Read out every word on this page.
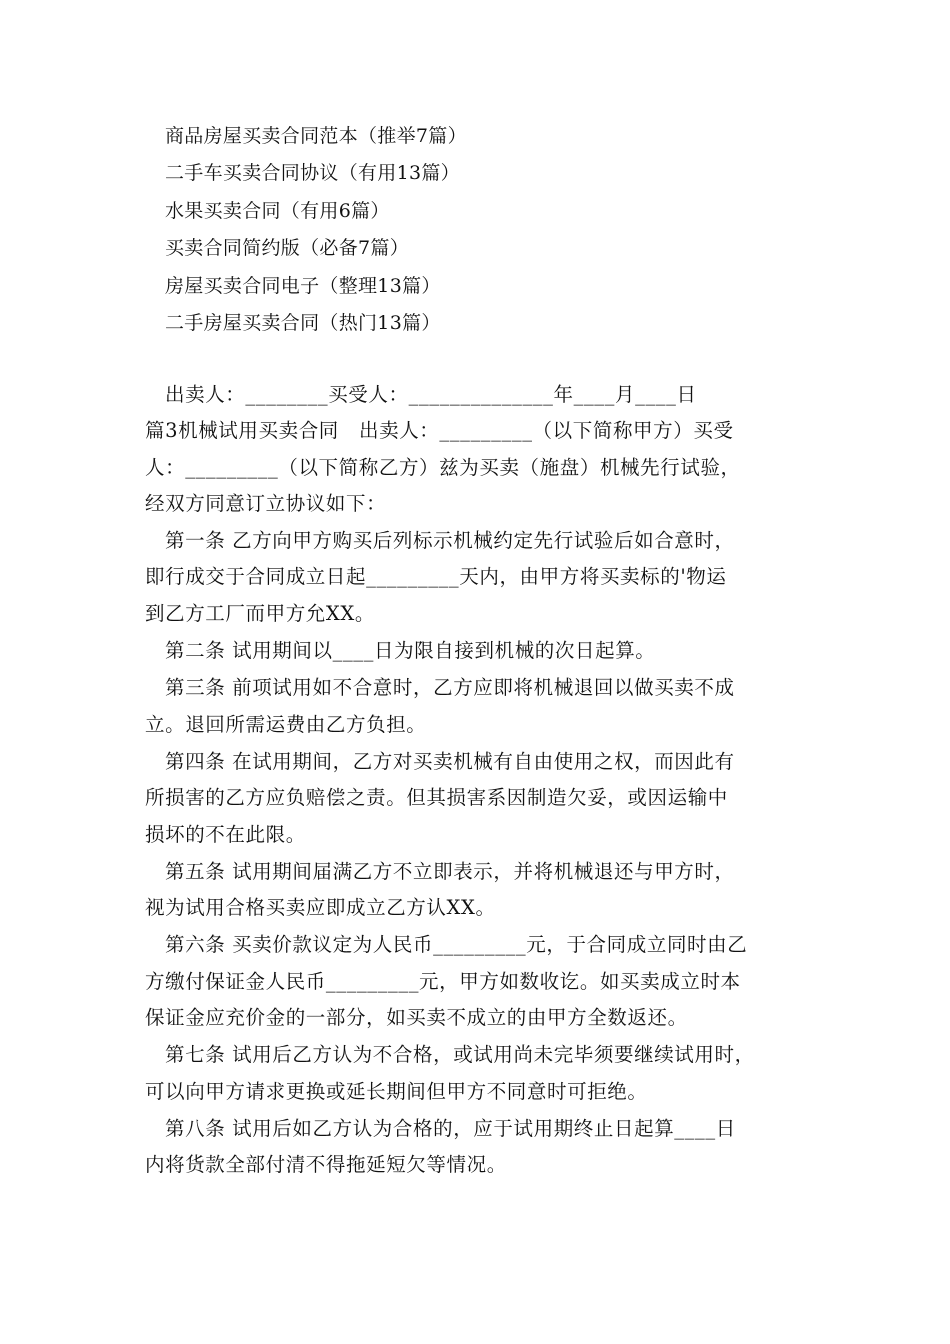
商品房屋买卖合同范本（推举7篇）
二手车买卖合同协议（有用13篇）
水果买卖合同（有用6篇）
买卖合同简约版（必备7篇）
房屋买卖合同电子（整理13篇）
二手房屋买卖合同（热门13篇）
出卖人：________买受人：______________年____月____日
篇3机械试用买卖合同　出卖人：_________（以下简称甲方）买受
人：_________（以下简称乙方）兹为买卖（施盘）机械先行试验，
经双方同意订立协议如下：
第一条 乙方向甲方购买后列标示机械约定先行试验后如合意时，
即行成交于合同成立日起_________天内，由甲方将买卖标的'物运
到乙方工厂而甲方允XX。
第二条 试用期间以____日为限自接到机械的次日起算。
第三条 前项试用如不合意时，乙方应即将机械退回以做买卖不成
立。退回所需运费由乙方负担。
第四条 在试用期间，乙方对买卖机械有自由使用之权，而因此有
所损害的乙方应负赔偿之责。但其损害系因制造欠妥，或因运输中
损坏的不在此限。
第五条 试用期间届满乙方不立即表示，并将机械退还与甲方时，
视为试用合格买卖应即成立乙方认XX。
第六条 买卖价款议定为人民币_________元，于合同成立同时由乙
方缴付保证金人民币_________元，甲方如数收讫。如买卖成立时本
保证金应充价金的一部分，如买卖不成立的由甲方全数返还。
第七条 试用后乙方认为不合格，或试用尚未完毕须要继续试用时，
可以向甲方请求更换或延长期间但甲方不同意时可拒绝。
第八条 试用后如乙方认为合格的，应于试用期终止日起算____日
内将货款全部付清不得拖延短欠等情况。
